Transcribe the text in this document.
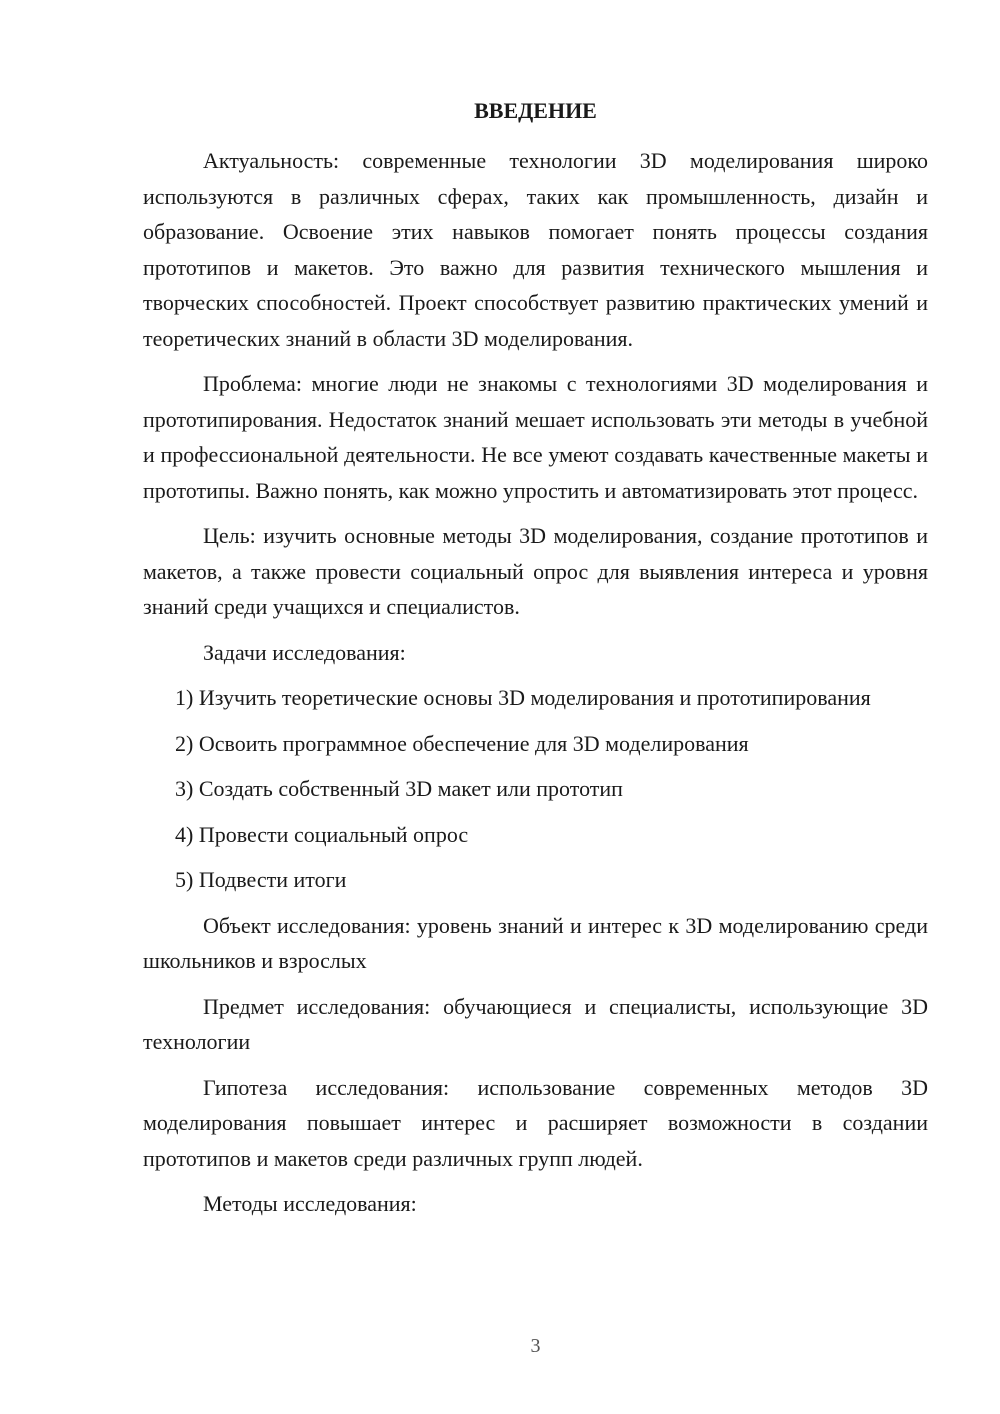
ВВЕДЕНИЕ

Актуальность: современные технологии 3D моделирования широко используются в различных сферах, таких как промышленность, дизайн и образование. Освоение этих навыков помогает понять процессы создания прототипов и макетов. Это важно для развития технического мышления и творческих способностей. Проект способствует развитию практических умений и теоретических знаний в области 3D моделирования.

Проблема: многие люди не знакомы с технологиями 3D моделирования и прототипирования. Недостаток знаний мешает использовать эти методы в учебной и профессиональной деятельности. Не все умеют создавать качественные макеты и прототипы. Важно понять, как можно упростить и автоматизировать этот процесс.

Цель: изучить основные методы 3D моделирования, создание прототипов и макетов, а также провести социальный опрос для выявления интереса и уровня знаний среди учащихся и специалистов.

Задачи исследования:

1) Изучить теоретические основы 3D моделирования и прототипирования

2) Освоить программное обеспечение для 3D моделирования

3) Создать собственный 3D макет или прототип

4) Провести социальный опрос

5) Подвести итоги

Объект исследования: уровень знаний и интерес к 3D моделированию среди школьников и взрослых

Предмет исследования: обучающиеся и специалисты, использующие 3D технологии

Гипотеза исследования: использование современных методов 3D моделирования повышает интерес и расширяет возможности в создании прототипов и макетов среди различных групп людей.

Методы исследования:

3
